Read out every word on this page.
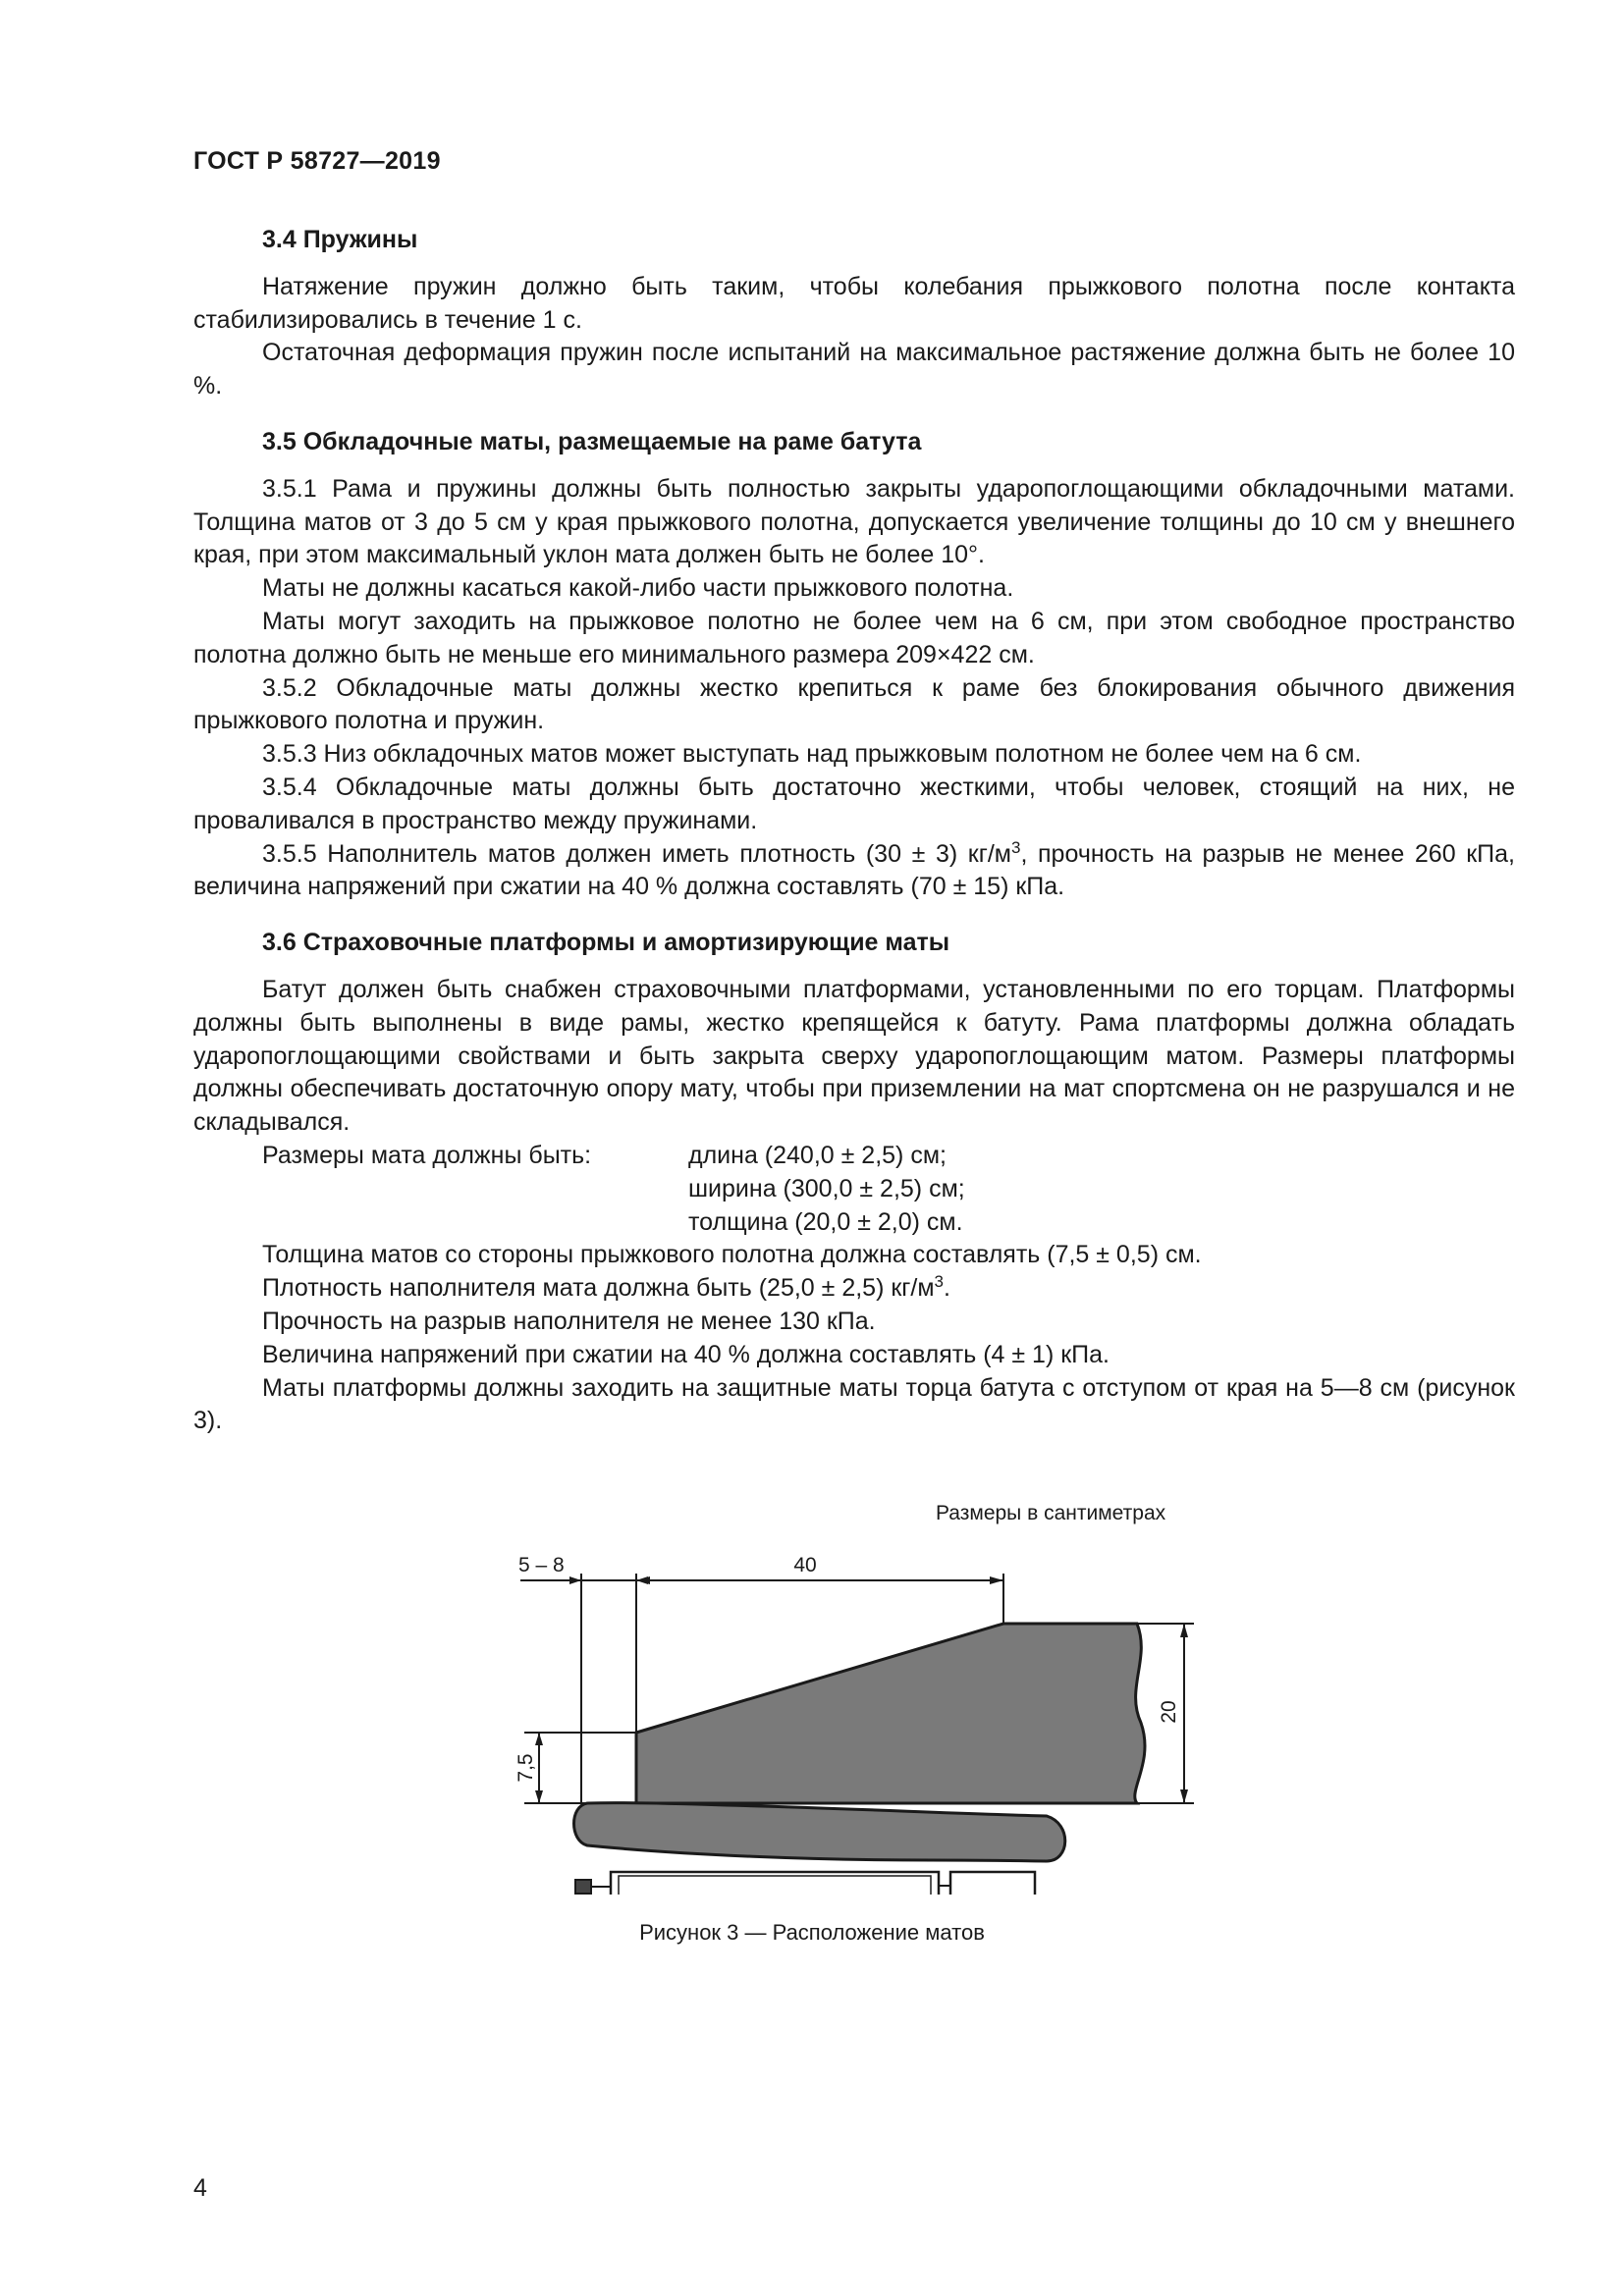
ГОСТ Р 58727—2019
3.4 Пружины

Натяжение пружин должно быть таким, чтобы колебания прыжкового полотна после контакта стабилизировались в течение 1 с.

Остаточная деформация пружин после испытаний на максимальное растяжение должна быть не более 10 %.

3.5 Обкладочные маты, размещаемые на раме батута

3.5.1 Рама и пружины должны быть полностью закрыты ударопоглощающими обкладочными матами. Толщина матов от 3 до 5 см у края прыжкового полотна, допускается увеличение толщины до 10 см у внешнего края, при этом максимальный уклон мата должен быть не более 10°.

Маты не должны касаться какой-либо части прыжкового полотна.

Маты могут заходить на прыжковое полотно не более чем на 6 см, при этом свободное пространство полотна должно быть не меньше его минимального размера 209×422 см.

3.5.2 Обкладочные маты должны жестко крепиться к раме без блокирования обычного движения прыжкового полотна и пружин.

3.5.3 Низ обкладочных матов может выступать над прыжковым полотном не более чем на 6 см.

3.5.4 Обкладочные маты должны быть достаточно жесткими, чтобы человек, стоящий на них, не проваливался в пространство между пружинами.

3.5.5 Наполнитель матов должен иметь плотность (30 ± 3) $кг/м^3$, прочность на разрыв не менее 260 кПа, величина напряжений при сжатии на 40 % должна составлять (70 ± 15) кПа.

3.6 Страховочные платформы и амортизирующие маты

Батут должен быть снабжен страховочными платформами, установленными по его торцам. Платформы должны быть выполнены в виде рамы, жестко крепящейся к батуту. Рама платформы должна обладать ударопоглощающими свойствами и быть закрыта сверху ударопоглощающим матом. Размеры платформы должны обеспечивать достаточную опору мату, чтобы при приземлении на мат спортсмена он не разрушался и не складывался.

Размеры мата должны быть:	длина (240,0 ± 2,5) см;
ширина (300,0 ± 2,5) см;
толщина (20,0 ± 2,0) см.

Толщина матов со стороны прыжкового полотна должна составлять (7,5 ± 0,5) см.

Плотность наполнителя мата должна быть (25,0 ± 2,5) $кг/м^3$.

Прочность на разрыв наполнителя не менее 130 кПа.

Величина напряжений при сжатии на 40 % должна составлять (4 ± 1) кПа.

Маты платформы должны заходить на защитные маты торца батута с отступом от края на 5—8 см (рисунок 3).

Размеры в сантиметрах
5 – 8	40
20
7,5
Рисунок 3 — Расположение матов
4
